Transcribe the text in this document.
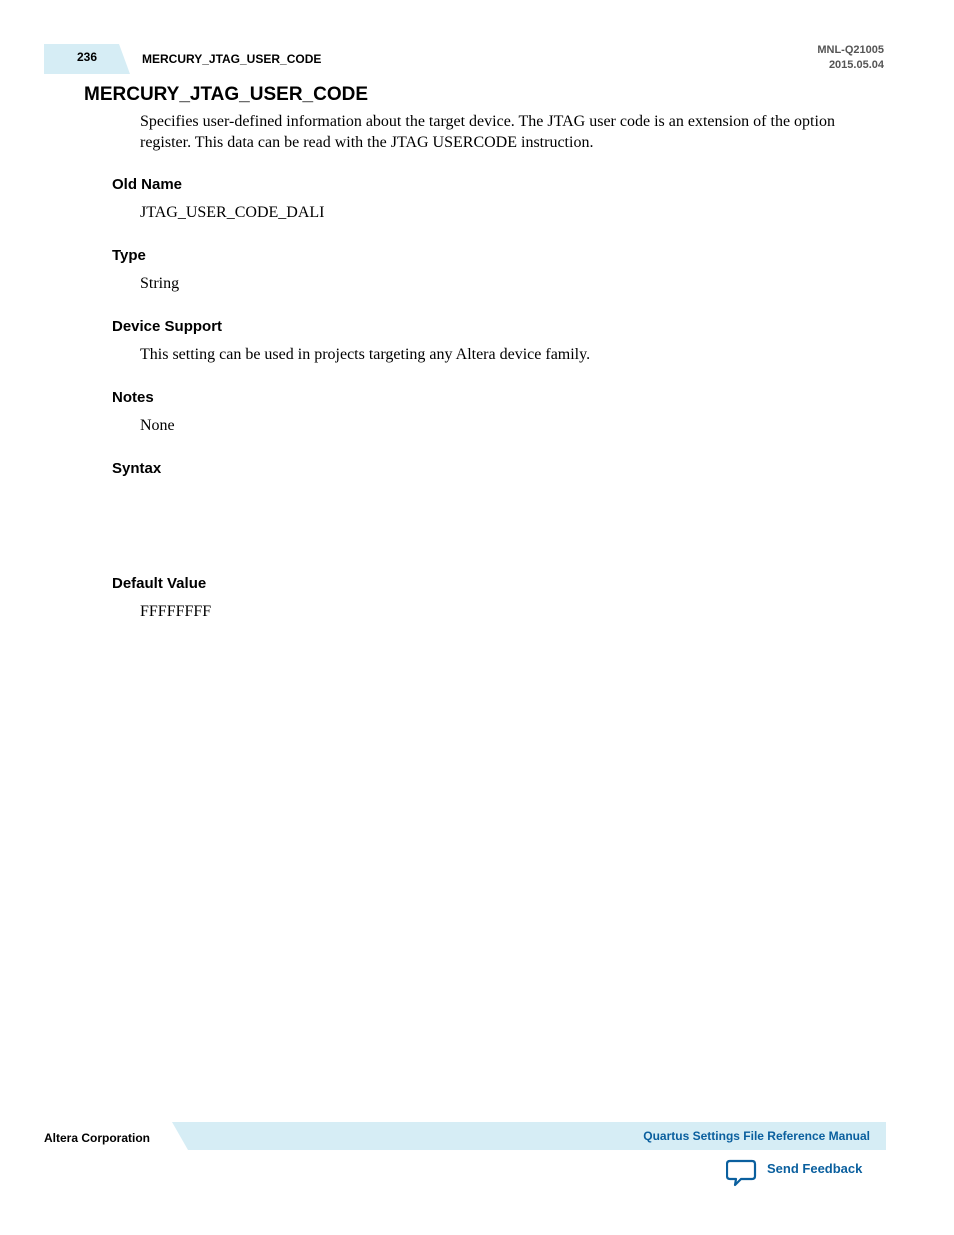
236	MERCURY_JTAG_USER_CODE
MNL-Q21005
2015.05.04
MERCURY_JTAG_USER_CODE

Specifies user-defined information about the target device. The JTAG user code is an extension of the option register. This data can be read with the JTAG USERCODE instruction.

Old Name

JTAG_USER_CODE_DALI

Type

String

Device Support

This setting can be used in projects targeting any Altera device family.

Notes

None

Syntax

Default Value

FFFFFFFF

Altera Corporation	Quartus Settings File Reference Manual
Send Feedback
